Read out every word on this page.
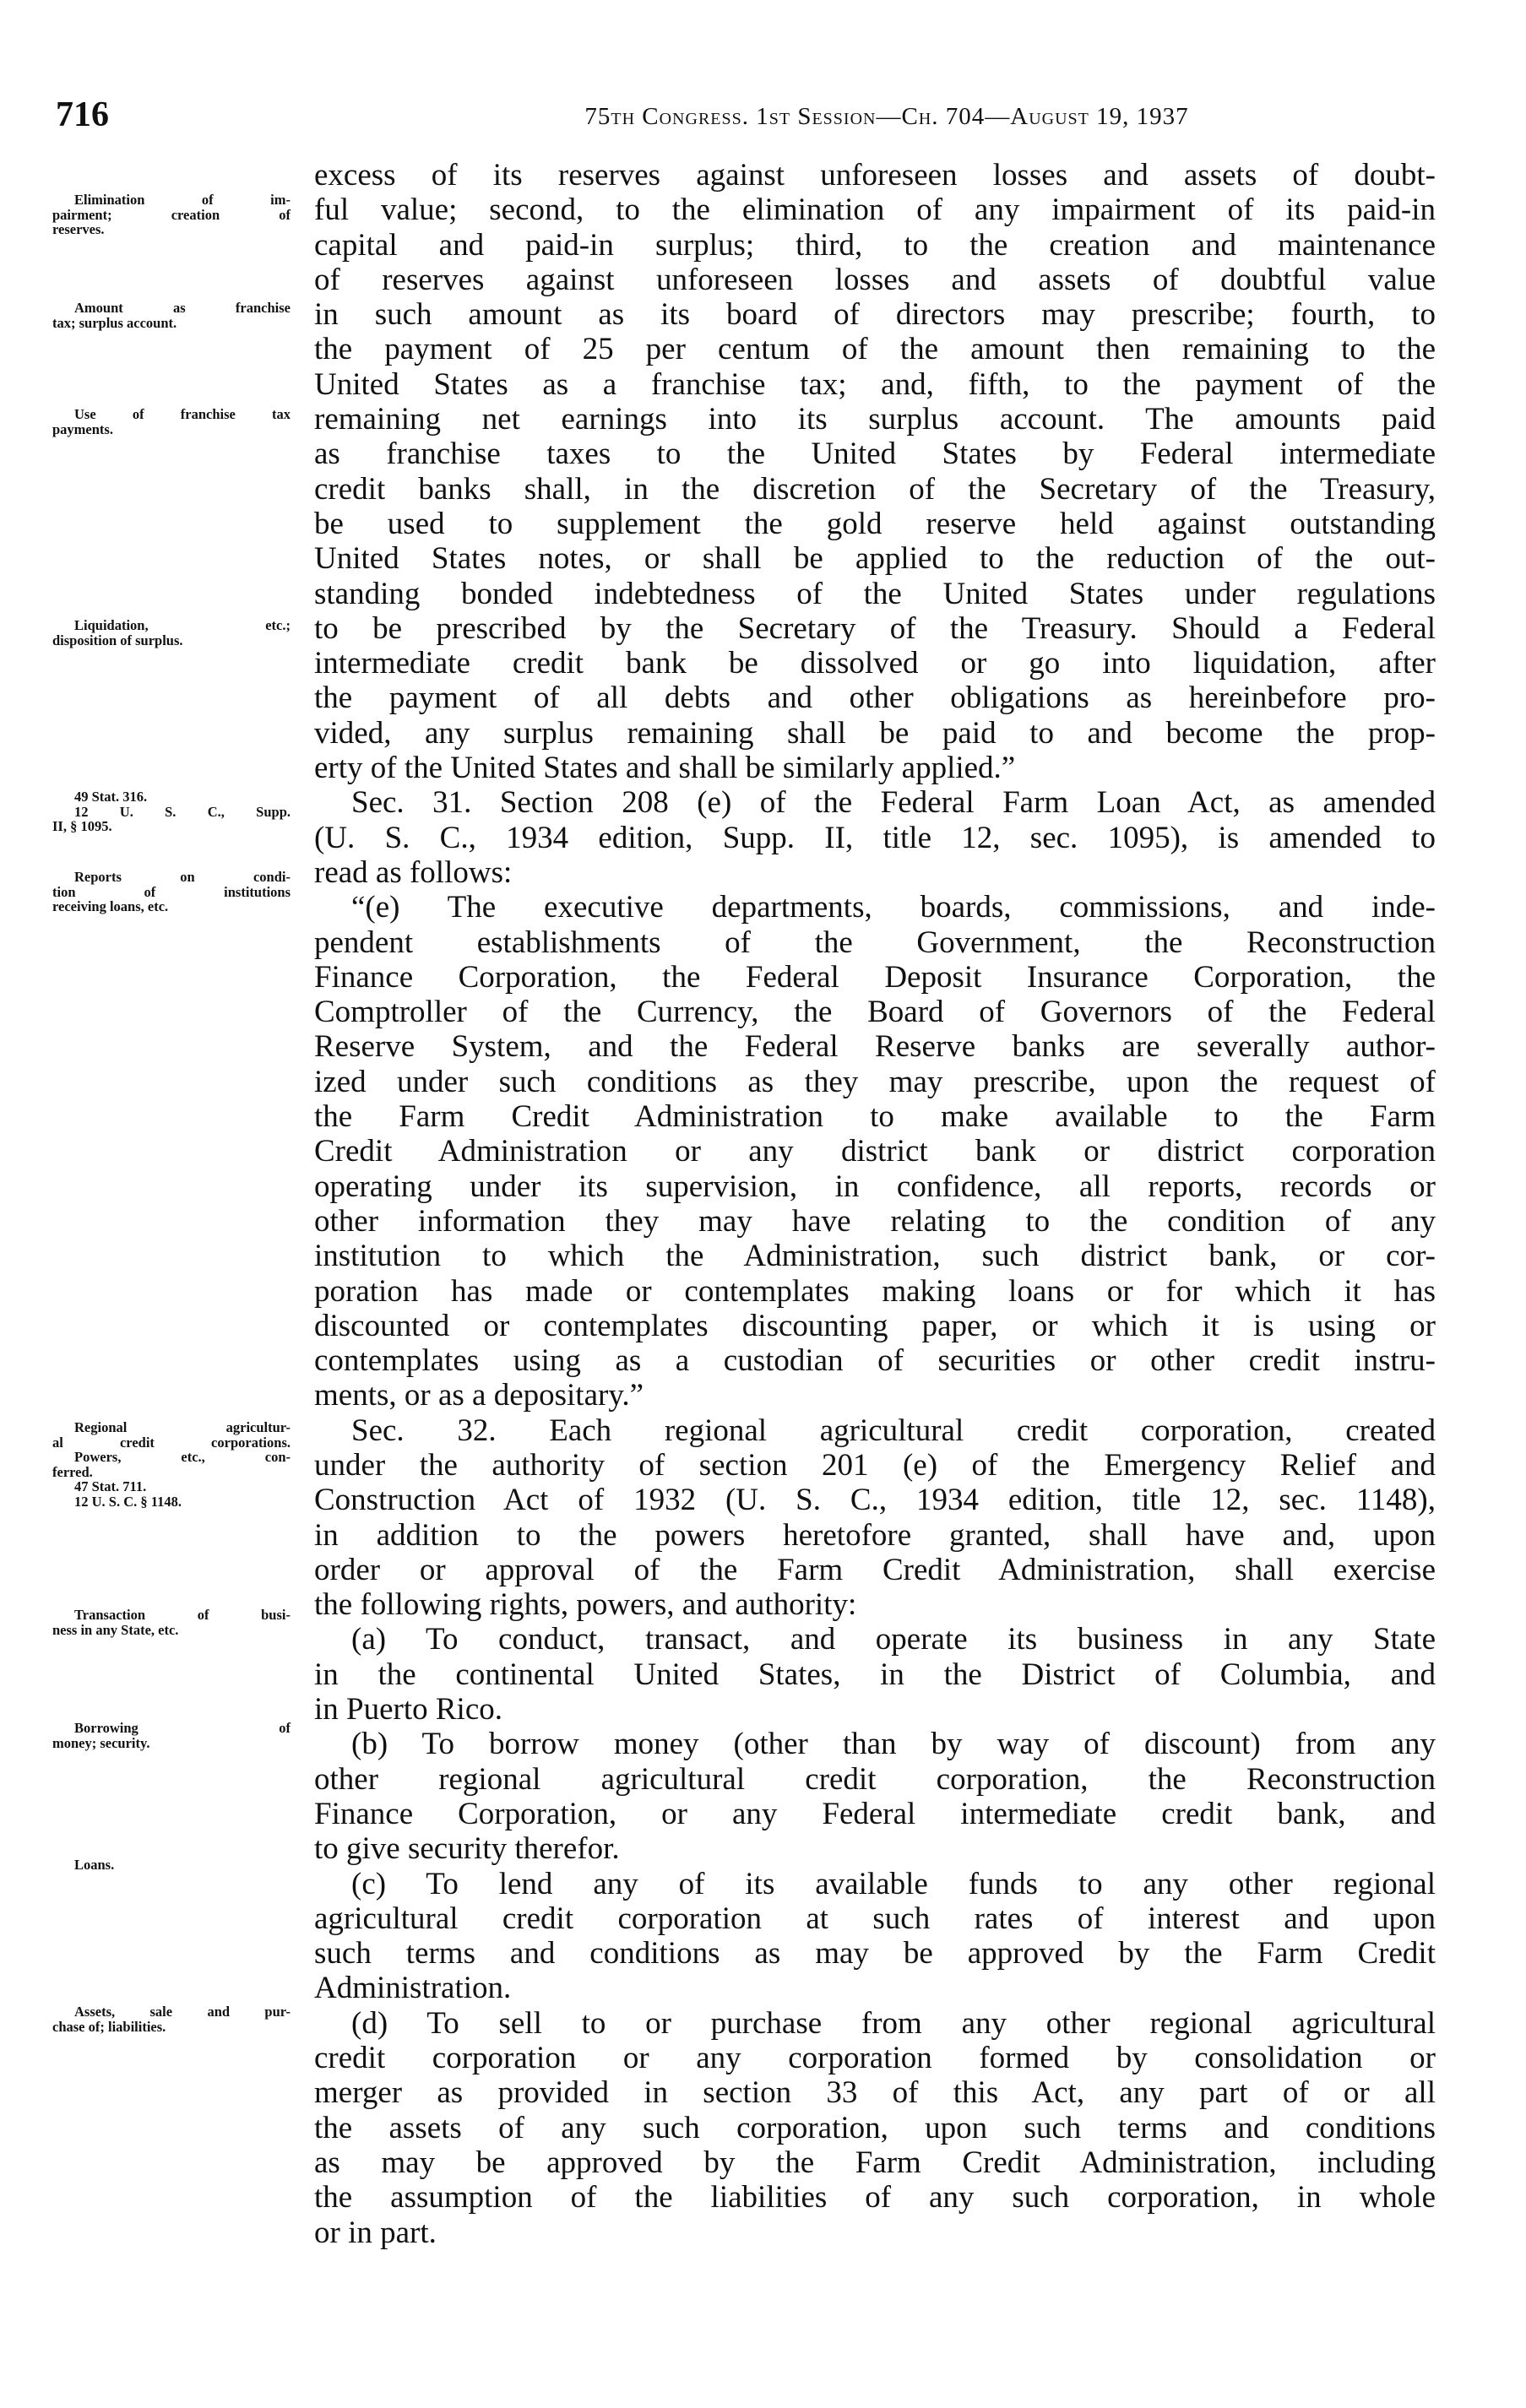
716	75th Congress. 1st Session—Ch. 704—August 19, 1937
Elimination of im-
pairment; creation of
reserves.
Amount as franchise
tax; surplus account.
Use of franchise tax
payments.
Liquidation, etc.;
disposition of surplus.
49 Stat. 316.
12 U. S. C., Supp.
II, § 1095.
Reports on condi-
tion of institutions
receiving loans, etc.
Regional agricultur-
al credit corporations.
Powers, etc., con-
ferred.
47 Stat. 711.
12 U. S. C. § 1148.
Transaction of busi-
ness in any State, etc.
Borrowing of
money; security.
Loans.
Assets, sale and pur-
chase of; liabilities.
excess of its reserves against unforeseen losses and assets of doubt-
ful value; second, to the elimination of any impairment of its paid-in
capital and paid-in surplus; third, to the creation and maintenance
of reserves against unforeseen losses and assets of doubtful value
in such amount as its board of directors may prescribe; fourth, to
the payment of 25 per centum of the amount then remaining to the
United States as a franchise tax; and, fifth, to the payment of the
remaining net earnings into its surplus account. The amounts paid
as franchise taxes to the United States by Federal intermediate
credit banks shall, in the discretion of the Secretary of the Treasury,
be used to supplement the gold reserve held against outstanding
United States notes, or shall be applied to the reduction of the out-
standing bonded indebtedness of the United States under regulations
to be prescribed by the Secretary of the Treasury. Should a Federal
intermediate credit bank be dissolved or go into liquidation, after
the payment of all debts and other obligations as hereinbefore pro-
vided, any surplus remaining shall be paid to and become the prop-
erty of the United States and shall be similarly applied.”
Sec. 31. Section 208 (e) of the Federal Farm Loan Act, as amended
(U. S. C., 1934 edition, Supp. II, title 12, sec. 1095), is amended to
read as follows:
“(e) The executive departments, boards, commissions, and inde-
pendent establishments of the Government, the Reconstruction
Finance Corporation, the Federal Deposit Insurance Corporation, the
Comptroller of the Currency, the Board of Governors of the Federal
Reserve System, and the Federal Reserve banks are severally author-
ized under such conditions as they may prescribe, upon the request of
the Farm Credit Administration to make available to the Farm
Credit Administration or any district bank or district corporation
operating under its supervision, in confidence, all reports, records or
other information they may have relating to the condition of any
institution to which the Administration, such district bank, or cor-
poration has made or contemplates making loans or for which it has
discounted or contemplates discounting paper, or which it is using or
contemplates using as a custodian of securities or other credit instru-
ments, or as a depositary.”
Sec. 32. Each regional agricultural credit corporation, created
under the authority of section 201 (e) of the Emergency Relief and
Construction Act of 1932 (U. S. C., 1934 edition, title 12, sec. 1148),
in addition to the powers heretofore granted, shall have and, upon
order or approval of the Farm Credit Administration, shall exercise
the following rights, powers, and authority:
(a) To conduct, transact, and operate its business in any State
in the continental United States, in the District of Columbia, and
in Puerto Rico.
(b) To borrow money (other than by way of discount) from any
other regional agricultural credit corporation, the Reconstruction
Finance Corporation, or any Federal intermediate credit bank, and
to give security therefor.
(c) To lend any of its available funds to any other regional
agricultural credit corporation at such rates of interest and upon
such terms and conditions as may be approved by the Farm Credit
Administration.
(d) To sell to or purchase from any other regional agricultural
credit corporation or any corporation formed by consolidation or
merger as provided in section 33 of this Act, any part of or all
the assets of any such corporation, upon such terms and conditions
as may be approved by the Farm Credit Administration, including
the assumption of the liabilities of any such corporation, in whole
or in part.
